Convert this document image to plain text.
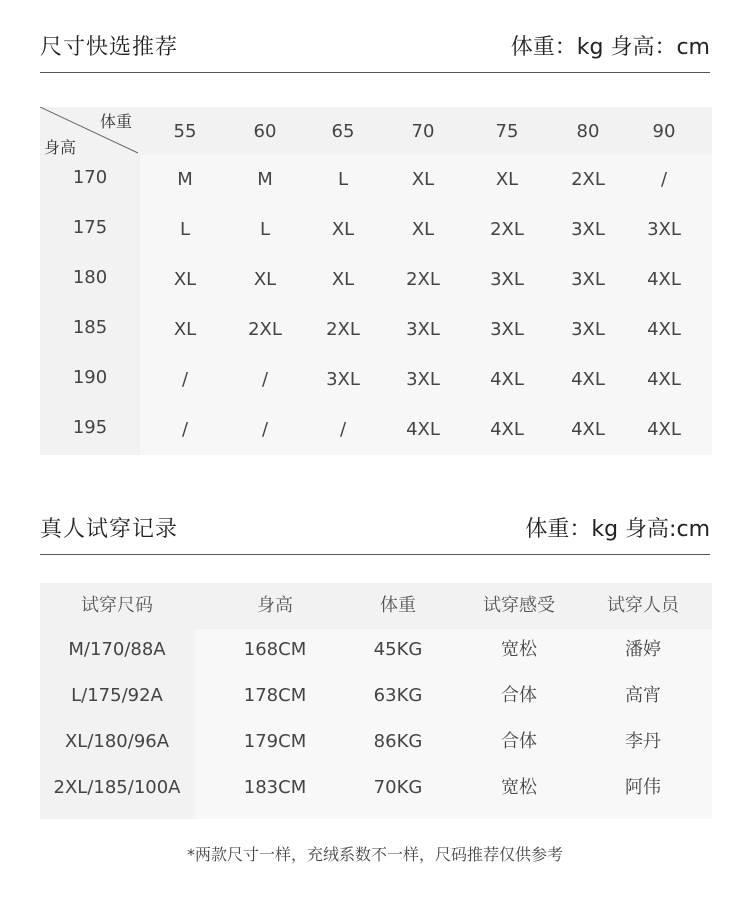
尺寸快选推荐	体重：kg 身高：cm
体重
身高
55	60	65	70	75	80	90
170	M	M	L	XL	XL	2XL	/
175	L	L	XL	XL	2XL	3XL	3XL
180	XL	XL	XL	2XL	3XL	3XL	4XL
185	XL	2XL	2XL	3XL	3XL	3XL	4XL
190	/	/	3XL	3XL	4XL	4XL	4XL
195	/	/	/	4XL	4XL	4XL	4XL
真人试穿记录	体重：kg 身高:cm
试穿尺码	身高	体重	试穿感受	试穿人员
M/170/88A	168CM	45KG	宽松	潘婷
L/175/92A	178CM	63KG	合体	高宵
XL/180/96A	179CM	86KG	合体	李丹
2XL/185/100A	183CM	70KG	宽松	阿伟
*两款尺寸一样，充绒系数不一样，尺码推荐仅供参考
